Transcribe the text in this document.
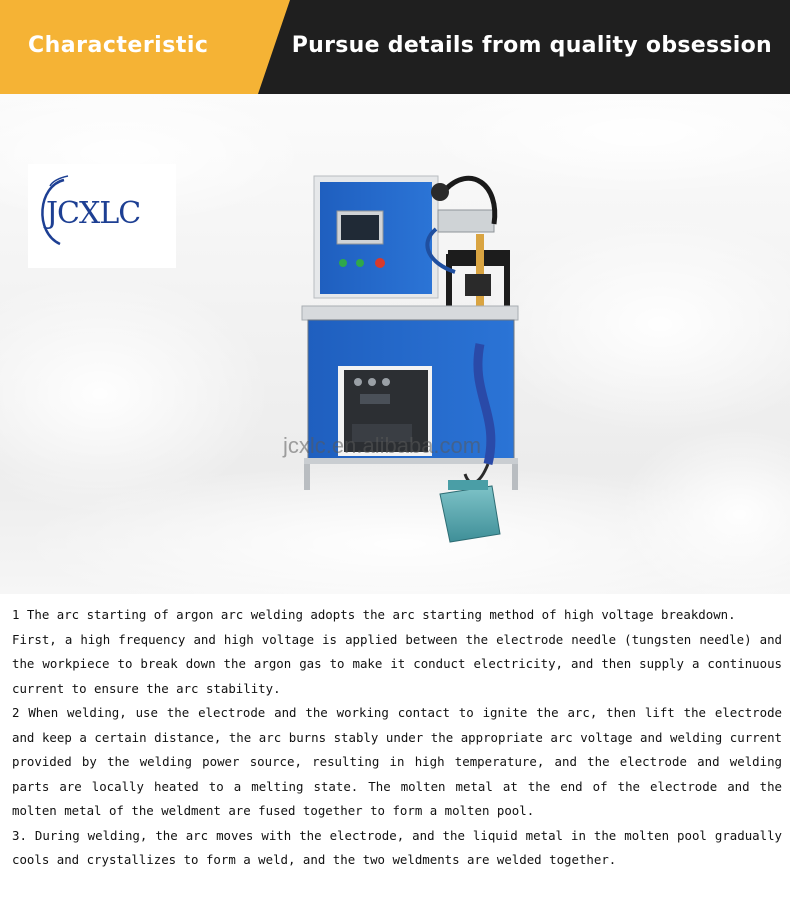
Characteristic	Pursue details from quality obsession
JCXLC
jcxlc.en.alibaba.com

1 The arc starting of argon arc welding adopts the arc starting method of high voltage breakdown.

First, a high frequency and high voltage is applied between the electrode needle (tungsten needle) and the workpiece to break down the argon gas to make it conduct electricity, and then supply a continuous current to ensure the arc stability.

2 When welding, use the electrode and the working contact to ignite the arc, then lift the electrode and keep a certain distance, the arc burns stably under the appropriate arc voltage and welding current provided by the welding power source, resulting in high temperature, and the electrode and welding parts are locally heated to a melting state. The molten metal at the end of the electrode and the molten metal of the weldment are fused together to form a molten pool.

3. During welding, the arc moves with the electrode, and the liquid metal in the molten pool gradually cools and crystallizes to form a weld, and the two weldments are welded together.
